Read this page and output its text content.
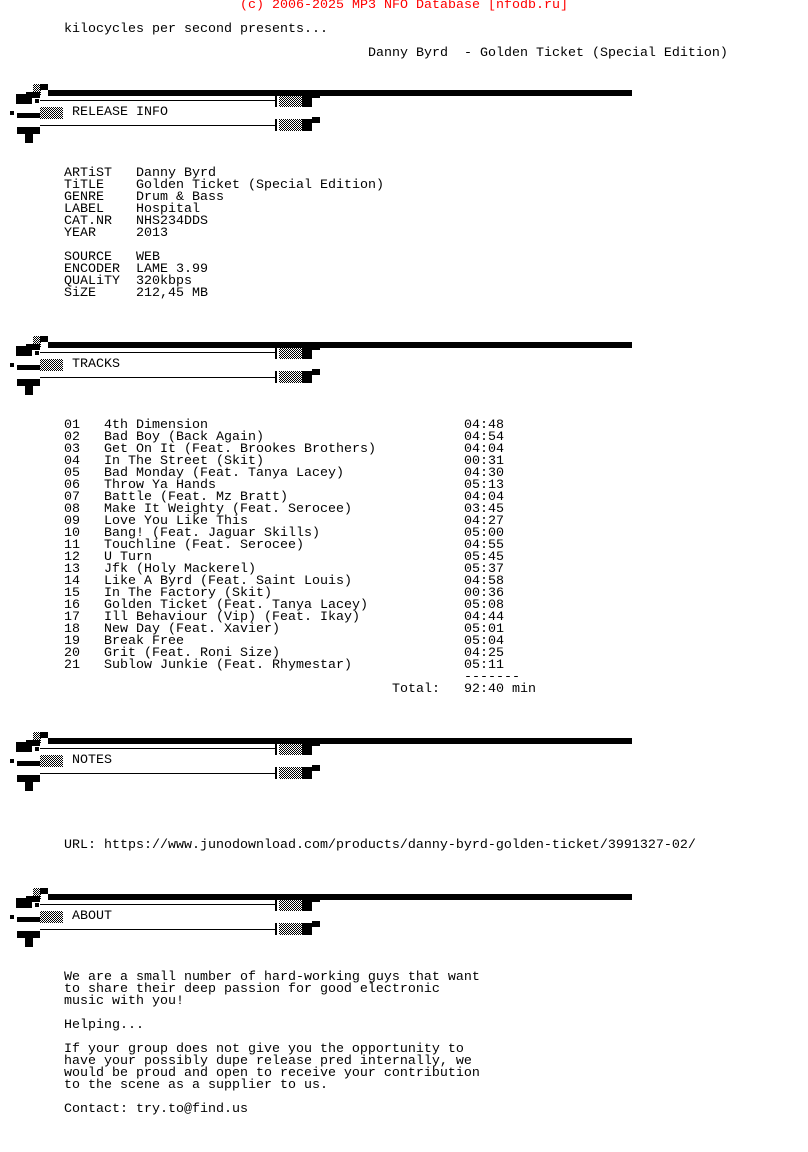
(c) 2006-2025 MP3 NFO Database [nfodb.ru]
kilocycles per second presents...
Danny Byrd  - Golden Ticket (Special Edition)
RELEASE INFO
ARTiST Danny Byrd
TiTLE Golden Ticket (Special Edition)
GENRE Drum & Bass
LABEL Hospital
CAT.NR NHS234DDS
YEAR	2013
SOURCE WEB
ENCODER LAME 3.99
QUALiTY 320kbps
SiZE	212,45 MB
TRACKS
01 4th Dimension	04:48
02 Bad Boy (Back Again)	04:54
03 Get On It (Feat. Brookes Brothers)	04:04
04 In The Street (Skit)	00:31
05 Bad Monday (Feat. Tanya Lacey)	04:30
06 Throw Ya Hands	05:13
07 Battle (Feat. Mz Bratt)	04:04
08 Make It Weighty (Feat. Serocee)	03:45
09 Love You Like This	04:27
10 Bang! (Feat. Jaguar Skills)	05:00
11 Touchline (Feat. Serocee)	04:55
12 U Turn	05:45
13 Jfk (Holy Mackerel)	05:37
14 Like A Byrd (Feat. Saint Louis)	04:58
15 In The Factory (Skit)	00:36
16 Golden Ticket (Feat. Tanya Lacey)	05:08
17 Ill Behaviour (Vip) (Feat. Ikay)	04:44
18 New Day (Feat. Xavier)	05:01
19 Break Free	05:04
20 Grit (Feat. Roni Size)	04:25
21 Sublow Junkie (Feat. Rhymestar)	05:11
-------
Total: 92:40 min
NOTES
URL: https://www.junodownload.com/products/danny-byrd-golden-ticket/3991327-02/
ABOUT
We are a small number of hard-working guys that want
to share their deep passion for good electronic
music with you!
Helping...
If your group does not give you the opportunity to
have your possibly dupe release pred internally, we
would be proud and open to receive your contribution
to the scene as a supplier to us.
Contact: try.to@find.us
